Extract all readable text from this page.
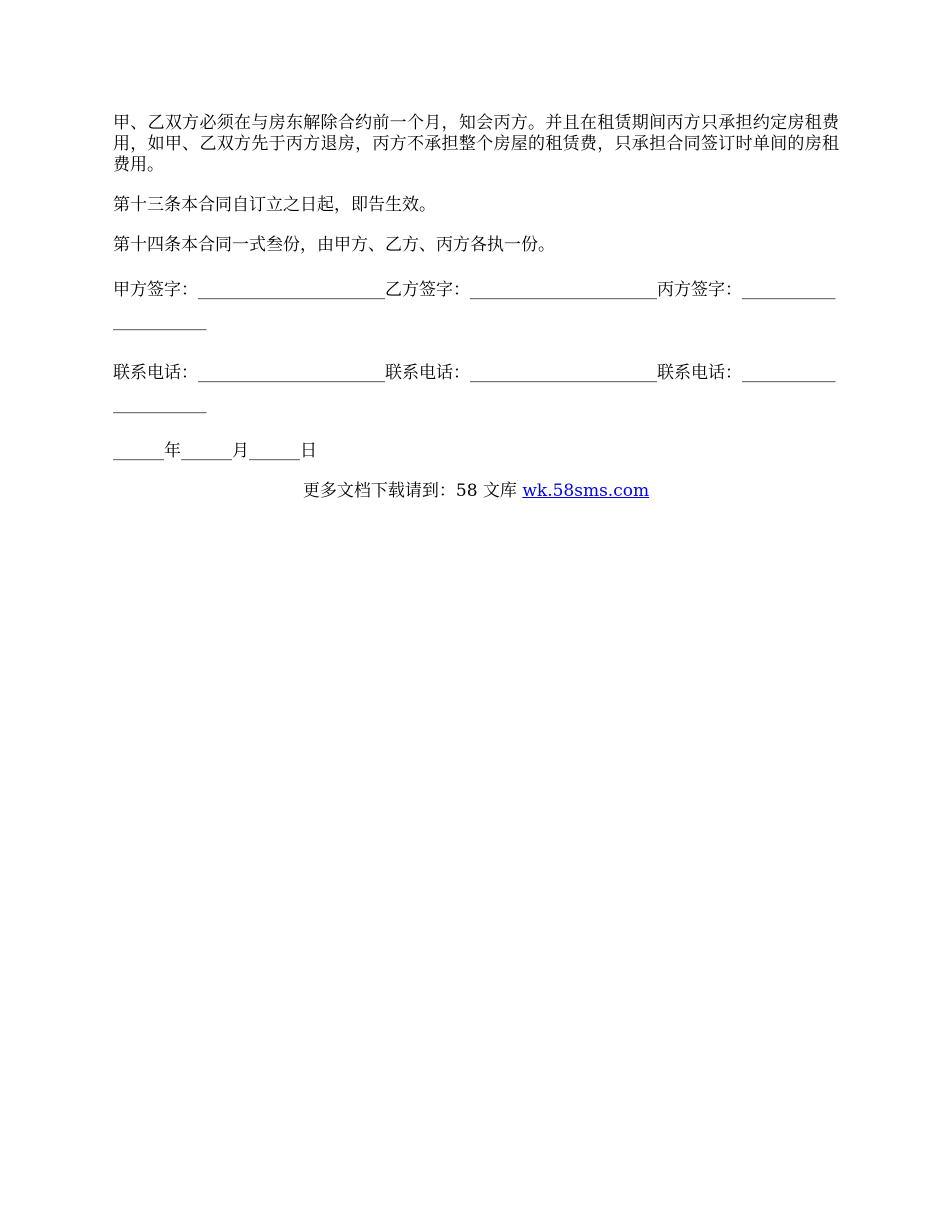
甲、乙双方必须在与房东解除合约前一个月，知会丙方。并且在租赁期间丙方只承担约定房租费用，如甲、乙双方先于丙方退房，丙方不承担整个房屋的租赁费，只承担合同签订时单间的房租费用。

第十三条本合同自订立之日起，即告生效。

第十四条本合同一式叁份，由甲方、乙方、丙方各执一份。

甲方签字：______________________乙方签字：______________________丙方签字：______________________

联系电话：______________________联系电话：______________________联系电话：______________________

______年______月______日

更多文档下载请到：58 文库 wk.58sms.com
